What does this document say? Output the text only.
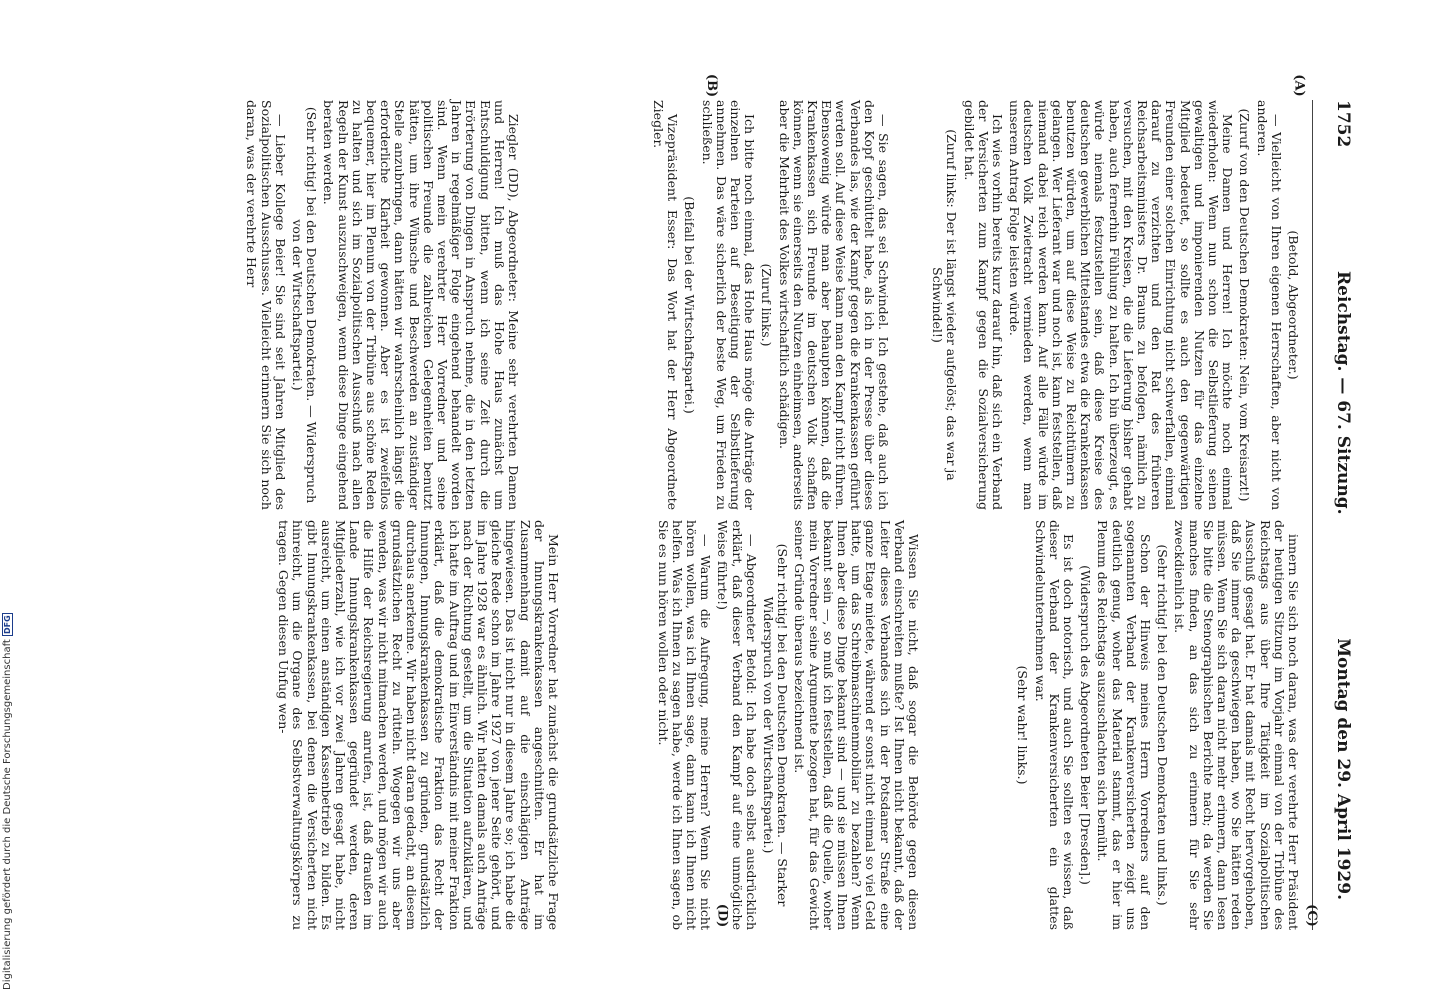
1752
Reichstag. — 67. Sitzung.
Montag den 29. April 1929.

(Betold, Abgeordneter.)

— Vielleicht von Ihren eigenen Herrschaften, aber nicht von anderen.

(Zuruf von den Deutschen Demokraten: Nein, vom Kreisarzt!)

Meine Damen und Herren! Ich möchte noch einmal wiederholen: Wenn nun schon die Selbstlieferung seinen gewaltigen und imponierenden Nutzen für das einzelne Mitglied bedeutet, so sollte es auch den gegenwärtigen Freunden einer solchen Einrichtung nicht schwerfallen, einmal darauf zu verzichten und den Rat des früheren Reichsarbeitsministers Dr. Brauns zu befolgen, nämlich zu versuchen, mit den Kreisen, die die Lieferung bisher gehabt haben, auch fernerhin Fühlung zu halten. Ich bin überzeugt, es würde niemals festzustellen sein, daß diese Kreise des deutschen gewerblichen Mittelstandes etwa die Krankenkassen benutzen würden, um auf diese Weise zu Reichtümern zu gelangen. Wer Lieferant war und noch ist, kann feststellen, daß niemand dabei reich werden kann. Auf alle Fälle würde im deutschen Volk Zwietracht vermieden werden, wenn man unserem Antrag Folge leisten würde.

Ich wies vorhin bereits kurz darauf hin, daß sich ein Verband der Versicherten zum Kampf gegen die Sozialversicherung gebildet hat.

(Zuruf links: Der ist längst wieder aufgelöst; das war ja Schwindel!)

— Sie sagen, das sei Schwindel. Ich gestehe, daß auch ich den Kopf geschüttelt habe, als ich in der Presse über dieses Verbandes las, wie der Kampf gegen die Krankenkassen geführt werden soll. Auf diese Weise kann man den Kampf nicht führen. Ebensowenig würde man aber behaupten können, daß die Krankenkassen sich Freunde im deutschen Volk schaffen können, wenn sie einerseits den Nutzen einheimsen, anderseits aber die Mehrheit des Volkes wirtschaftlich schädigen.

(Zuruf links.)

Ich bitte noch einmal, das Hohe Haus möge die Anträge der einzelnen Parteien auf Beseitigung der Selbstlieferung annehmen. Das wäre sicherlich der beste Weg, um Frieden zu schließen.

(Beifall bei der Wirtschaftspartei.)

Vizepräsident Esser: Das Wort hat der Herr Abgeordnete Ziegler.

Ziegler (DD), Abgeordneter: Meine sehr verehrten Damen und Herren! Ich muß das Hohe Haus zunächst um Entschuldigung bitten, wenn ich seine Zeit durch die Erörterung von Dingen in Anspruch nehme, die in den letzten Jahren in regelmäßiger Folge eingehend behandelt worden sind. Wenn mein verehrter Herr Vorredner und seine politischen Freunde die zahlreichen Gelegenheiten benutzt hätten, um ihre Wünsche und Beschwerden an zuständiger Stelle anzubringen, dann hätten wir wahrscheinlich längst die erforderliche Klarheit gewonnen. Aber es ist zweifellos bequemer, hier im Plenum von der Tribüne aus schöne Reden zu halten und sich im Sozialpolitischen Ausschuß nach allen Regeln der Kunst auszuschweigen, wenn diese Dinge eingehend beraten werden.

(Sehr richtig! bei den Deutschen Demokraten. — Widerspruch von der Wirtschaftspartei.)

— Lieber Kollege Beier! Sie sind seit Jahren Mitglied des Sozialpolitischen Ausschusses. Vielleicht erinnern Sie sich noch daran, was der verehrte Herr

innern Sie sich noch daran, was der verehrte Herr Präsident der heutigen Sitzung im Vorjahr einmal von der Tribüne des Reichstags aus über Ihre Tätigkeit im Sozialpolitischen Ausschuß gesagt hat. Er hat damals mit Recht hervorgehoben, daß Sie immer da geschwiegen haben, wo Sie hätten reden müssen. Wenn Sie sich daran nicht mehr erinnern, dann lesen Sie bitte die Stenographischen Berichte nach; da werden Sie manches finden, an das sich zu erinnern für Sie sehr zweckdienlich ist.

(Sehr richtig! bei den Deutschen Demokraten und links.)

Schon der Hinweis meines Herrn Vorredners auf den sogenannten Verband der Krankenversicherten zeigt uns deutlich genug, woher das Material stammt, das er hier im Plenum des Reichstags auszuschlachten sich bemüht.

(Widerspruch des Abgeordneten Beier [Dresden].)

Es ist doch notorisch, und auch Sie sollten es wissen, daß dieser Verband der Krankenversicherten ein glattes Schwindelunternehmen war.

(Sehr wahr! links.)

Wissen Sie nicht, daß sogar die Behörde gegen diesen Verband einschreiten mußte? Ist Ihnen nicht bekannt, daß der Leiter dieses Verbandes sich in der Potsdamer Straße eine ganze Etage mietete, während er sonst nicht einmal so viel Geld hatte, um das Schreibmaschinenmobiliar zu bezahlen? Wenn Ihnen aber diese Dinge bekannt sind — und sie müssen Ihnen bekannt sein —, so muß ich feststellen, daß die Quelle, woher mein Vorredner seine Argumente bezogen hat, für das Gewicht seiner Gründe überaus bezeichnend ist.

(Sehr richtig! bei den Deutschen Demokraten. — Starker Widerspruch von der Wirtschaftspartei.)

— Abgeordneter Betold: Ich habe doch selbst ausdrücklich erklärt, daß dieser Verband den Kampf auf eine unmögliche Weise führte!)

— Warum die Aufregung, meine Herren? Wenn Sie nicht hören wollen, was ich Ihnen sage, dann kann ich Ihnen nicht helfen. Was ich Ihnen zu sagen habe, werde ich Ihnen sagen, ob Sie es nun hören wollen oder nicht.

Mein Herr Vorredner hat zunächst die grundsätzliche Frage der Innungskrankenkassen angeschnitten. Er hat im Zusammenhang damit auf die einschlägigen Anträge hingewiesen. Das ist nicht nur in diesem Jahre so; ich habe die gleiche Rede schon im Jahre 1927 von jener Seite gehört, und im Jahre 1928 war es ähnlich. Wir hatten damals auch Anträge nach der Richtung gestellt, um die Situation aufzuklären, und ich hatte im Auftrag und im Einverständnis mit meiner Fraktion erklärt, daß die demokratische Fraktion das Recht der Innungen, Innungskrankenkassen zu gründen, grundsätzlich durchaus anerkenne. Wir haben nicht daran gedacht, an diesem grundsätzlichen Recht zu rütteln. Wogegen wir uns aber wenden, was wir nicht mitmachen werden, und mögen wir auch die Hilfe der Reichsregierung anrufen, ist, daß draußen im Lande Innungskrankenkassen gegründet werden, deren Mitgliederzahl, wie ich vor zwei Jahren gesagt habe, nicht ausreicht, um einen anständigen Kassenbetrieb zu bilden. Es gibt Innungskrankenkassen, bei denen die Versicherten nicht hinreicht, um die Organe des Selbstverwaltungskörpers zu tragen. Gegen diesen Unfug wen-

(A)
(B)
(C)
(D)
Digitalisierung gefördert durch die Deutsche Forschungsgemeinschaft DFG
